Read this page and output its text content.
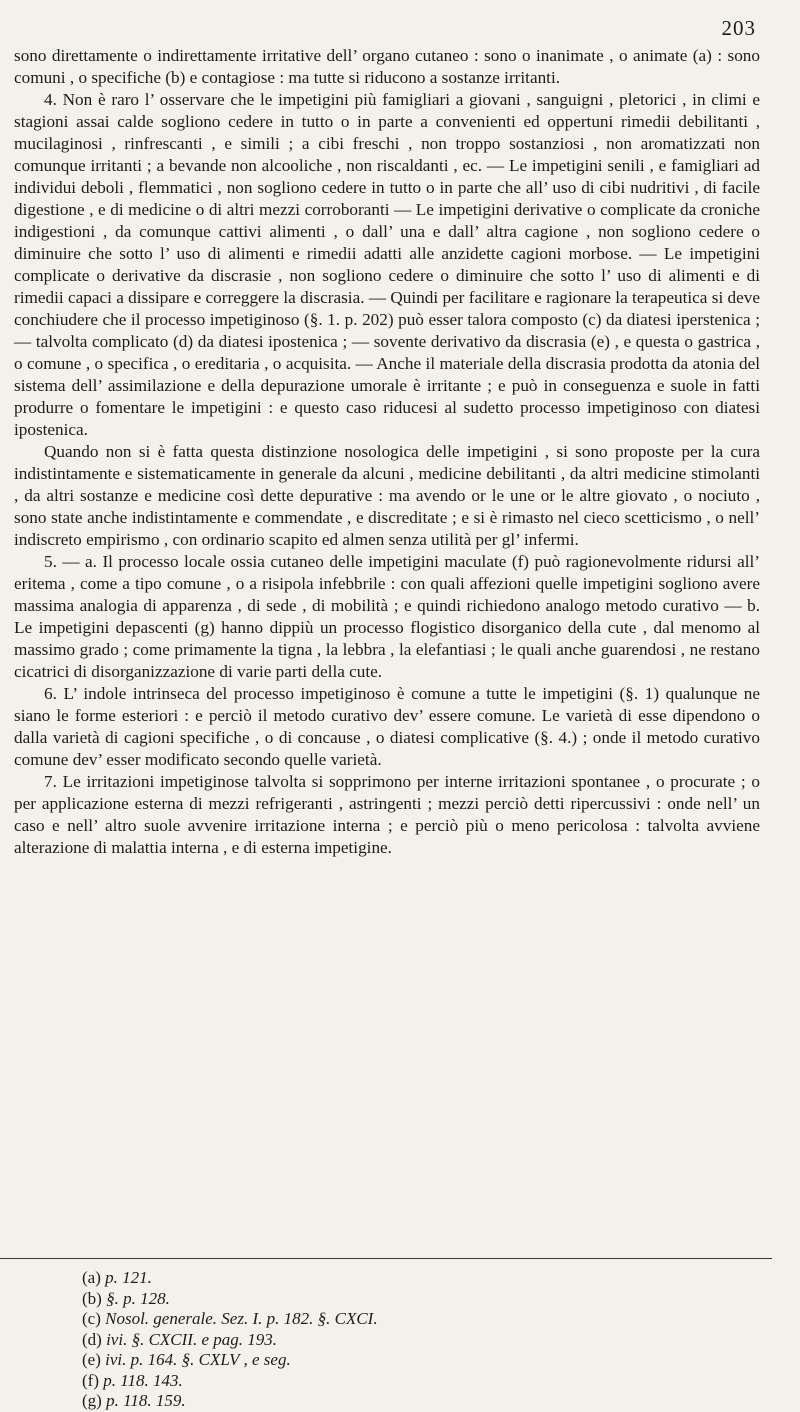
203

sono direttamente o indirettamente irritative dell’ organo cutaneo : sono o inanimate , o animate (a) : sono comuni , o specifiche (b) e contagiose : ma tutte si riducono a sostanze irritanti.

4. Non è raro l’ osservare che le impetigini più famigliari a giovani , sanguigni , pletorici , in climi e stagioni assai calde sogliono cedere in tutto o in parte a convenienti ed oppertuni rimedii debilitanti , mucilaginosi , rinfrescanti , e simili ; a cibi freschi , non troppo sostanziosi , non aromatizzati non comunque irritanti ; a bevande non alcooliche , non riscaldanti , ec. — Le impetigini senili , e famigliari ad individui deboli , flemmatici , non sogliono cedere in tutto o in parte che all’ uso di cibi nudritivi , di facile digestione , e di medicine o di altri mezzi corroboranti — Le impetigini derivative o complicate da croniche indigestioni , da comunque cattivi alimenti , o dall’ una e dall’ altra cagione , non sogliono cedere o diminuire che sotto l’ uso di alimenti e rimedii adatti alle anzidette cagioni morbose. — Le impetigini complicate o derivative da discrasie , non sogliono cedere o diminuire che sotto l’ uso di alimenti e di rimedii capaci a dissipare e correggere la discrasia. — Quindi per facilitare e ragionare la terapeutica si deve conchiudere che il processo impetiginoso (§. 1. p. 202) può esser talora composto (c) da diatesi iperstenica ; — talvolta complicato (d) da diatesi ipostenica ; — sovente derivativo da discrasia (e) , e questa o gastrica , o comune , o specifica , o ereditaria , o acquisita. — Anche il materiale della discrasia prodotta da atonia del sistema dell’ assimilazione e della depurazione umorale è irritante ; e può in conseguenza e suole in fatti produrre o fomentare le impetigini : e questo caso riducesi al sudetto processo impetiginoso con diatesi ipostenica.

Quando non si è fatta questa distinzione nosologica delle impetigini , si sono proposte per la cura indistintamente e sistematicamente in generale da alcuni , medicine debilitanti , da altri medicine stimolanti , da altri sostanze e medicine così dette depurative : ma avendo or le une or le altre giovato , o nociuto , sono state anche indistintamente e commendate , e discreditate ; e si è rimasto nel cieco scetticismo , o nell’ indiscreto empirismo , con ordinario scapito ed almen senza utilità per gl’ infermi.

5. — a. Il processo locale ossia cutaneo delle impetigini maculate (f) può ragionevolmente ridursi all’ eritema , come a tipo comune , o a risipola infebbrile : con quali affezioni quelle impetigini sogliono avere massima analogia di apparenza , di sede , di mobilità ; e quindi richiedono analogo metodo curativo — b. Le impetigini depascenti (g) hanno dippiù un processo flogistico disorganico della cute , dal menomo al massimo grado ; come primamente la tigna , la lebbra , la elefantiasi ; le quali anche guarendosi , ne restano cicatrici di disorganizzazione di varie parti della cute.

6. L’ indole intrinseca del processo impetiginoso è comune a tutte le impetigini (§. 1) qualunque ne siano le forme esteriori : e perciò il metodo curativo dev’ essere comune. Le varietà di esse dipendono o dalla varietà di cagioni specifiche , o di concause , o diatesi complicative (§. 4.) ; onde il metodo curativo comune dev’ esser modificato secondo quelle varietà.

7. Le irritazioni impetiginose talvolta si sopprimono per interne irritazioni spontanee , o procurate ; o per applicazione esterna di mezzi refrigeranti , astringenti ; mezzi perciò detti ripercussivi : onde nell’ un caso e nell’ altro suole avvenire irritazione interna ; e perciò più o meno pericolosa : talvolta avviene alterazione di malattia interna , e di esterna impetigine.

(a) p. 121.
(b) §. p. 128.
(c) Nosol. generale. Sez. I. p. 182. §. CXCI.
(d) ivi. §. CXCII. e pag. 193.
(e) ivi. p. 164. §. CXLV , e seg.
(f) p. 118. 143.
(g) p. 118. 159.
